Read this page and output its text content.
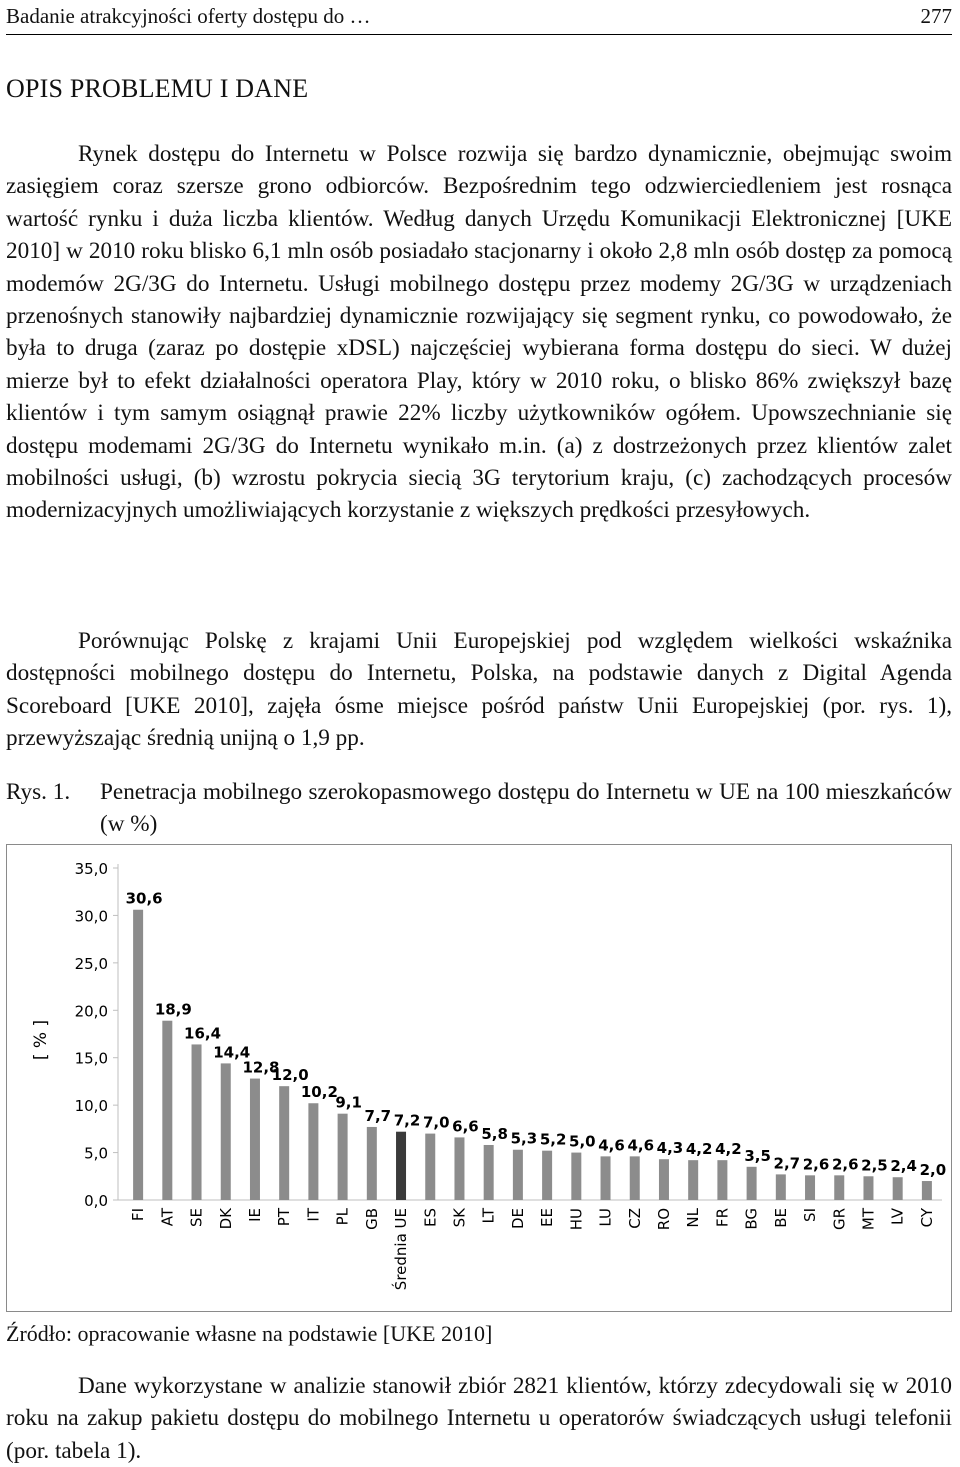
Badanie atrakcyjności oferty dostępu do …	277
OPIS PROBLEMU I DANE

Rynek dostępu do Internetu w Polsce rozwija się bardzo dynamicznie, obejmując swoim zasięgiem coraz szersze grono odbiorców. Bezpośrednim tego odzwierciedleniem jest rosnąca wartość rynku i duża liczba klientów. Według danych Urzędu Komunikacji Elektronicznej [UKE 2010] w 2010 roku blisko 6,1 mln osób posiadało stacjonarny i około 2,8 mln osób dostęp za pomocą modemów 2G/3G do Internetu. Usługi mobilnego dostępu przez modemy 2G/3G w urządzeniach przenośnych stanowiły najbardziej dynamicznie rozwijający się segment rynku, co powodowało, że była to druga (zaraz po dostępie xDSL) najczęściej wybierana forma dostępu do sieci. W dużej mierze był to efekt działalności operatora Play, który w 2010 roku, o blisko 86% zwiększył bazę klientów i tym samym osiągnął prawie 22% liczby użytkowników ogółem. Upowszechnianie się dostępu modemami 2G/3G do Internetu wynikało m.in. (a) z dostrzeżonych przez klientów zalet mobilności usługi, (b) wzrostu pokrycia siecią 3G terytorium kraju, (c) zachodzących procesów modernizacyjnych umożliwiających korzystanie z większych prędkości przesyłowych.

Porównując Polskę z krajami Unii Europejskiej pod względem wielkości wskaźnika dostępności mobilnego dostępu do Internetu, Polska, na podstawie danych z Digital Agenda Scoreboard [UKE 2010], zajęła ósme miejsce pośród państw Unii Europejskiej (por. rys. 1), przewyższając średnią unijną o 1,9 pp.

Rys. 1. Penetracja mobilnego szerokopasmowego dostępu do Internetu w UE na 100 mieszkańców (w %)
0,0
5,0
10,0
15,0
20,0
25,0
30,0
35,0
30,6
18,9
16,4
14,4
12,8
12,0
10,2
9,1
7,7 7,2 7,0 6,6 5,8 5,3 5,2 5,0 4,6 4,6 4,3 4,2 4,2 3,5 2,7 2,6 2,6 2,5 2,4 2,0
FI AT SE DK IE PT IT PL GB Średnia UE ES SK LT DE EE HU LU CZ RO NL FR BG BE SI GR MT LV CY
[ % ]
Źródło: opracowanie własne na podstawie [UKE 2010]

Dane wykorzystane w analizie stanowił zbiór 2821 klientów, którzy zdecydowali się w 2010 roku na zakup pakietu dostępu do mobilnego Internetu u operatorów świadczących usługi telefonii (por. tabela 1).
